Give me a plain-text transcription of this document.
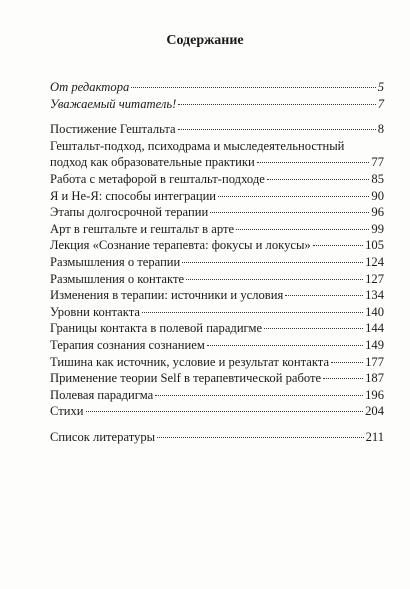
Содержание
От редактора	5
Уважаемый читатель!	7
Постижение Гештальта	8
Гештальт-подход, психодрама и мыследеятельностный
подход как образовательные практики	77
Работа с метафорой в гештальт-подходе	85
Я и Не-Я: способы интеграции	90
Этапы долгосрочной терапии	96
Арт в гештальте и гештальт в арте	99
Лекция «Сознание терапевта: фокусы и локусы»	105
Размышления о терапии	124
Размышления о контакте	127
Изменения в терапии: источники и условия	134
Уровни контакта	140
Границы контакта в полевой парадигме	144
Терапия сознания сознанием	149
Тишина как источник, условие и результат контакта	177
Применение теории Self в терапевтической работе	187
Полевая парадигма	196
Стихи	204
Список литературы	211
